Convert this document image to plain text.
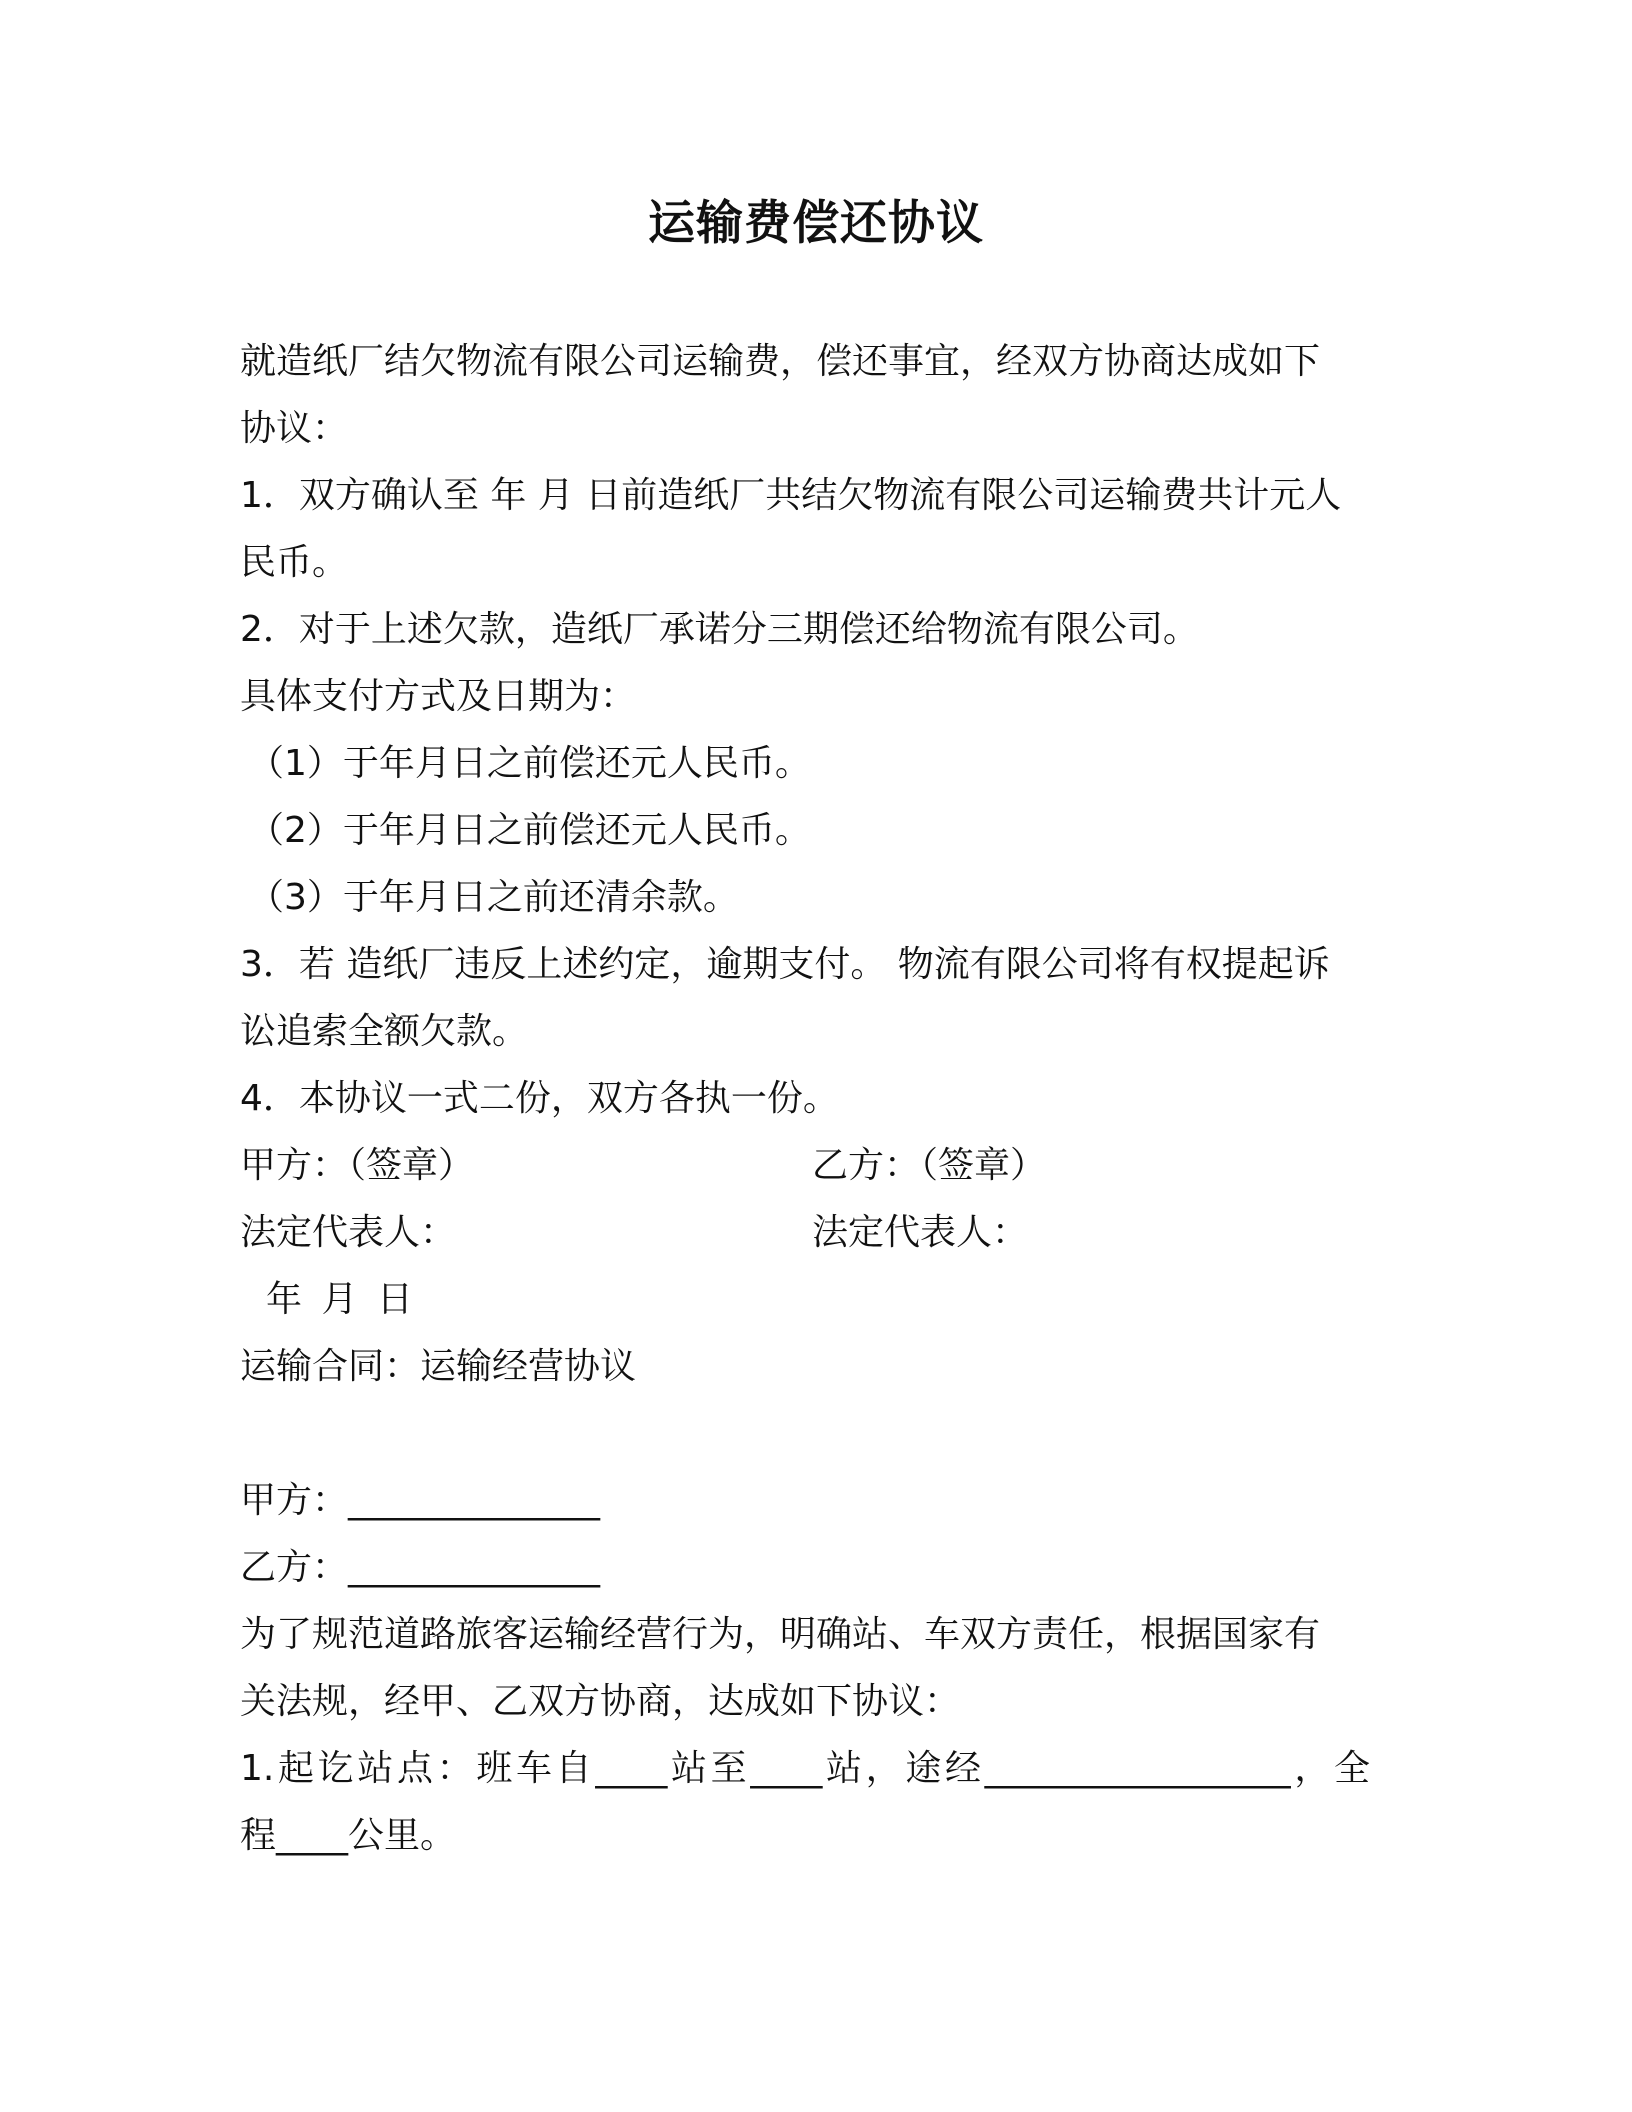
运输费偿还协议
就造纸厂结欠物流有限公司运输费，偿还事宜，经双方协商达成如下
协议：
1．双方确认至 年 月 日前造纸厂共结欠物流有限公司运输费共计元人
民币。
2．对于上述欠款，造纸厂承诺分三期偿还给物流有限公司。
具体支付方式及日期为：
（1）于年月日之前偿还元人民币。
（2）于年月日之前偿还元人民币。
（3）于年月日之前还清余款。
3．若 造纸厂违反上述约定，逾期支付。 物流有限公司将有权提起诉
讼追索全额欠款。
4．本协议一式二份，双方各执一份。
甲方：（签章）	乙方：（签章）
法定代表人：	法定代表人：
年 月 日
运输合同：运输经营协议
甲方：______________
乙方：______________
为了规范道路旅客运输经营行为，明确站、车双方责任，根据国家有
关法规，经甲、乙双方协商，达成如下协议：
1.起讫站点：班车自____站至____站，途经_________________，全
程____公里。
